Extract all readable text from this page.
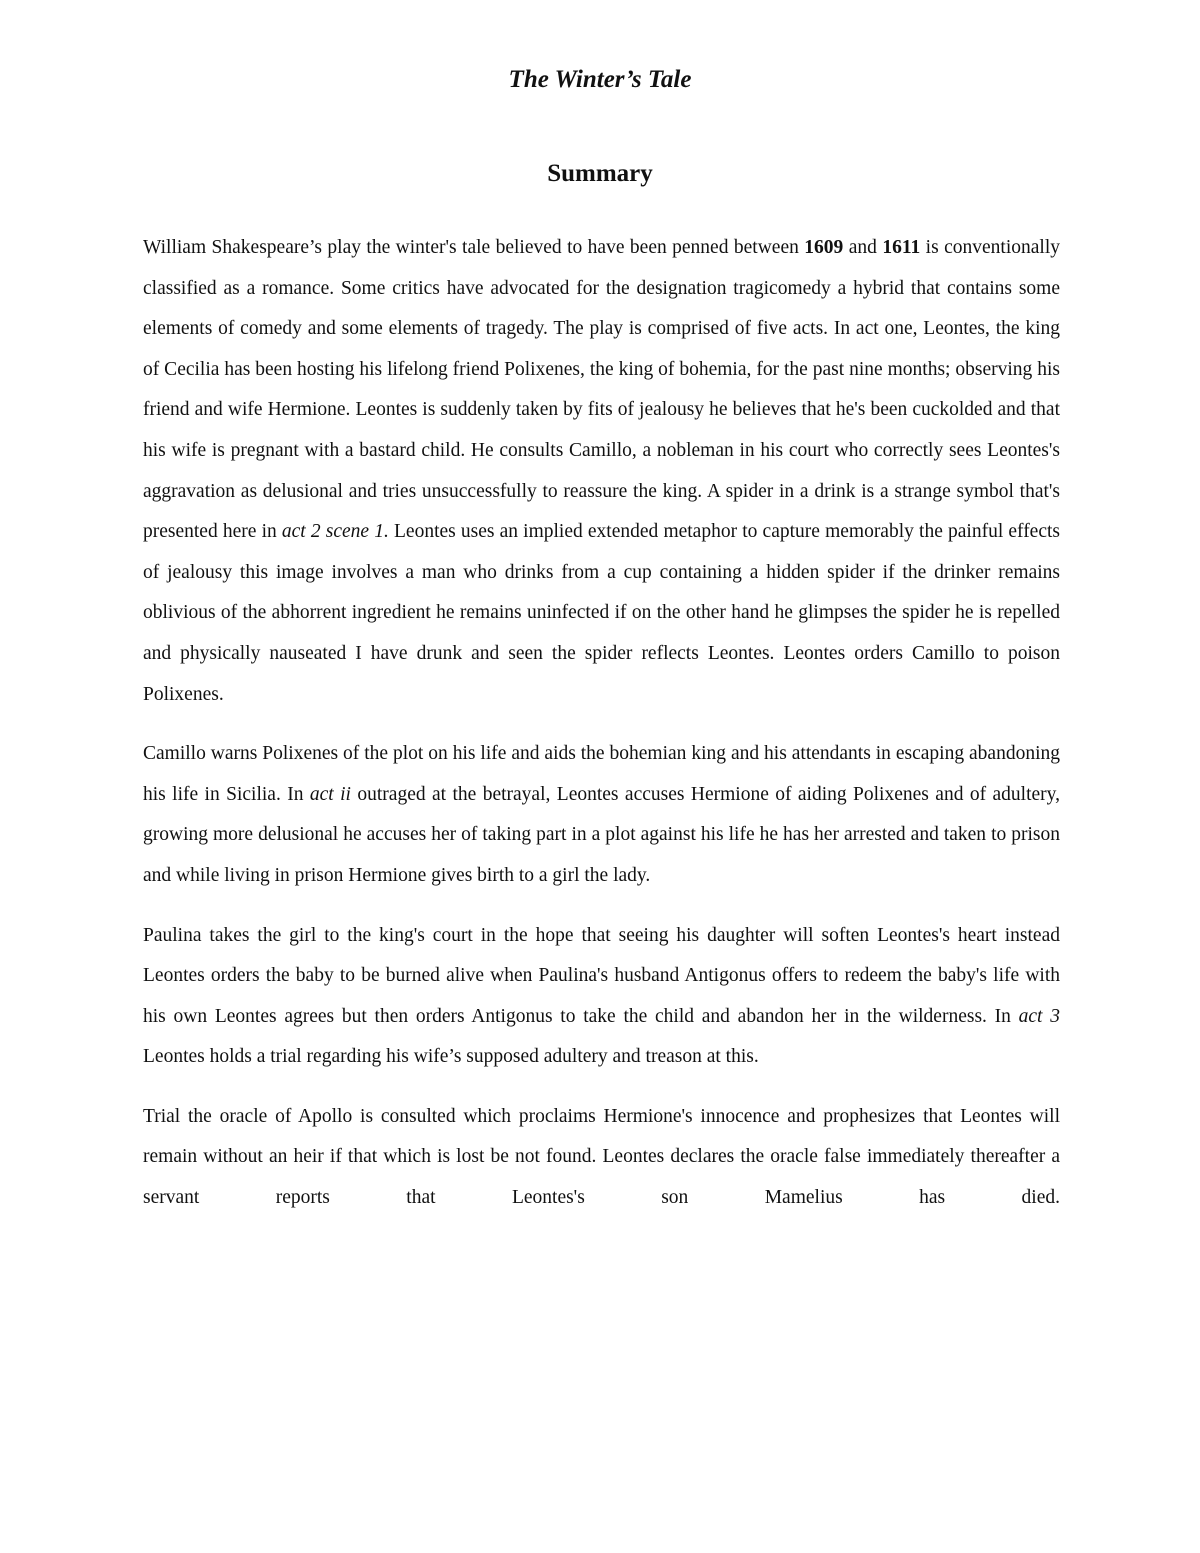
The Winter’s Tale
Summary

William Shakespeare’s play the winter's tale believed to have been penned between 1609 and 1611 is conventionally classified as a romance. Some critics have advocated for the designation tragicomedy a hybrid that contains some elements of comedy and some elements of tragedy. The play is comprised of five acts. In act one, Leontes, the king of Cecilia has been hosting his lifelong friend Polixenes, the king of bohemia, for the past nine months; observing his friend and wife Hermione. Leontes is suddenly taken by fits of jealousy he believes that he's been cuckolded and that his wife is pregnant with a bastard child. He consults Camillo, a nobleman in his court who correctly sees Leontes's aggravation as delusional and tries unsuccessfully to reassure the king. A spider in a drink is a strange symbol that's presented here in act 2 scene 1. Leontes uses an implied extended metaphor to capture memorably the painful effects of jealousy this image involves a man who drinks from a cup containing a hidden spider if the drinker remains oblivious of the abhorrent ingredient he remains uninfected if on the other hand he glimpses the spider he is repelled and physically nauseated I have drunk and seen the spider reflects Leontes. Leontes orders Camillo to poison Polixenes.

Camillo warns Polixenes of the plot on his life and aids the bohemian king and his attendants in escaping abandoning his life in Sicilia. In act ii outraged at the betrayal, Leontes accuses Hermione of aiding Polixenes and of adultery, growing more delusional he accuses her of taking part in a plot against his life he has her arrested and taken to prison and while living in prison Hermione gives birth to a girl the lady.

Paulina takes the girl to the king's court in the hope that seeing his daughter will soften Leontes's heart instead Leontes orders the baby to be burned alive when Paulina's husband Antigonus offers to redeem the baby's life with his own Leontes agrees but then orders Antigonus to take the child and abandon her in the wilderness. In act 3 Leontes holds a trial regarding his wife’s supposed adultery and treason at this.

Trial the oracle of Apollo is consulted which proclaims Hermione's innocence and prophesizes that Leontes will remain without an heir if that which is lost be not found. Leontes declares the oracle false immediately thereafter a servant reports that Leontes's son Mamelius has died.
